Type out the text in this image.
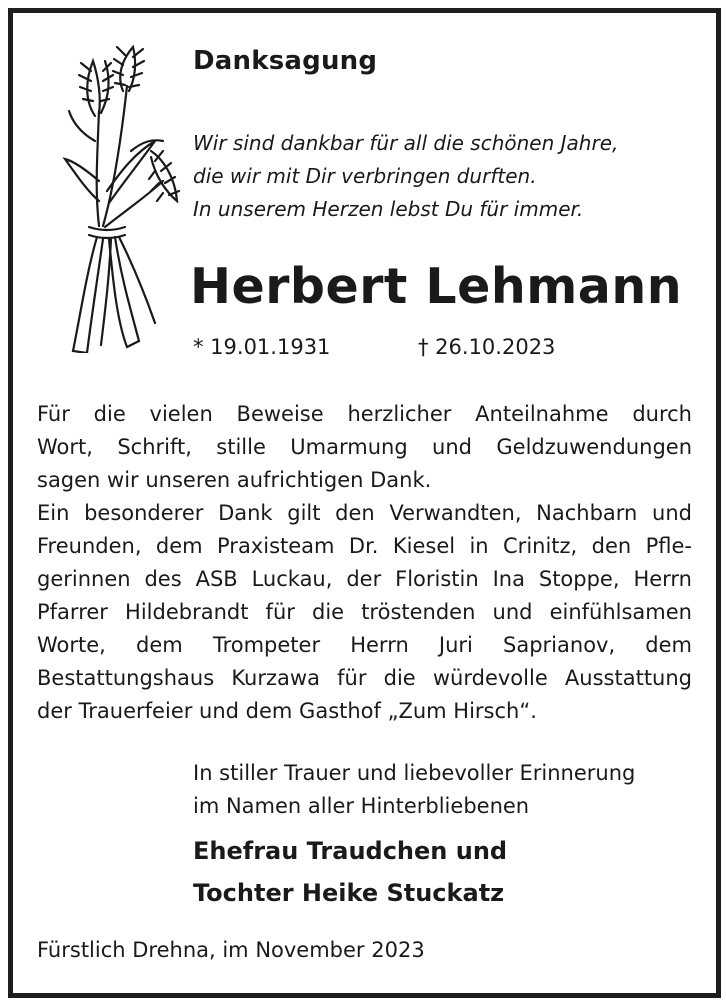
Danksagung
Wir sind dankbar für all die schönen Jahre,
die wir mit Dir verbringen durften.
In unserem Herzen lebst Du für immer.
Herbert Lehmann
* 19.01.1931	† 26.10.2023
Für die vielen Beweise herzlicher Anteilnahme durch
Wort, Schrift, stille Umarmung und Geldzuwendungen
sagen wir unseren aufrichtigen Dank.
Ein besonderer Dank gilt den Verwandten, Nachbarn und
Freunden, dem Praxisteam Dr. Kiesel in Crinitz, den Pfle-
gerinnen des ASB Luckau, der Floristin Ina Stoppe, Herrn
Pfarrer Hildebrandt für die tröstenden und einfühlsamen
Worte, dem Trompeter Herrn Juri Saprianov, dem
Bestattungshaus Kurzawa für die würdevolle Ausstattung
der Trauerfeier und dem Gasthof „Zum Hirsch“.
In stiller Trauer und liebevoller Erinnerung
im Namen aller Hinterbliebenen
Ehefrau Traudchen und
Tochter Heike Stuckatz
Fürstlich Drehna, im November 2023
